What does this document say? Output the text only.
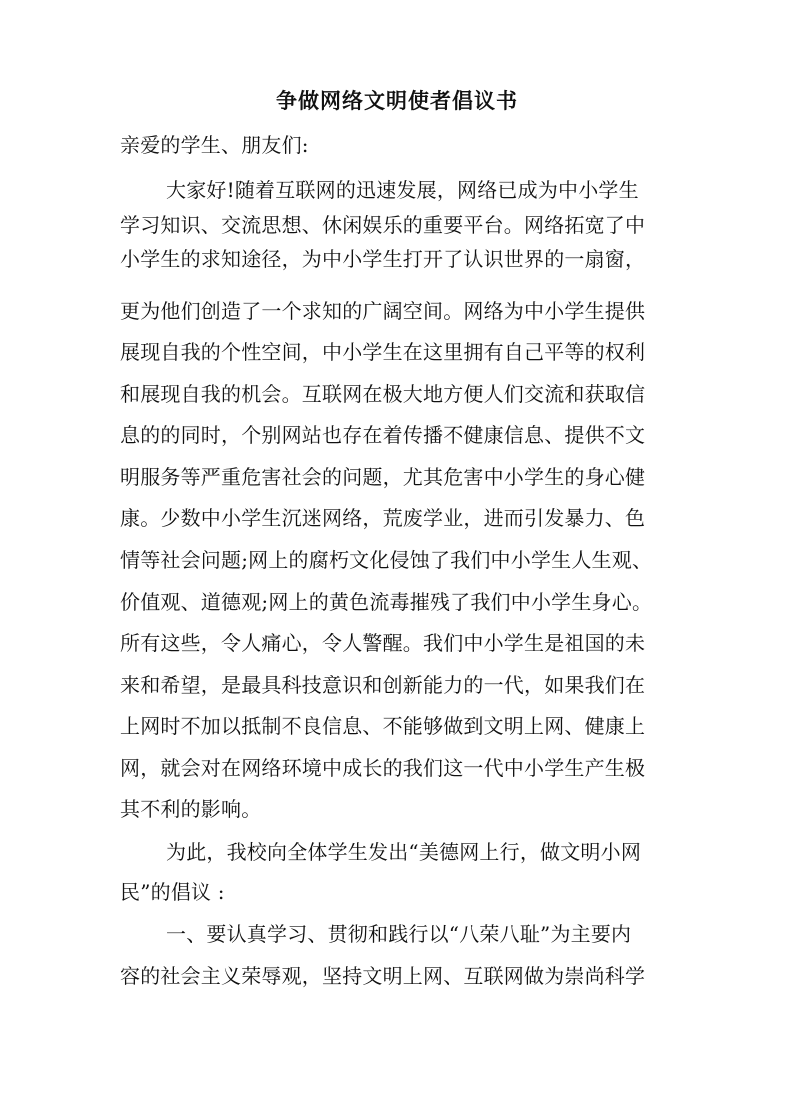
争做网络文明使者倡议书
亲爱的学生、朋友们:
大家好!随着互联网的迅速发展，网络已成为中小学生
学习知识、交流思想、休闲娱乐的重要平台。网络拓宽了中
小学生的求知途径，为中小学生打开了认识世界的一扇窗，
更为他们创造了一个求知的广阔空间。网络为中小学生提供
展现自我的个性空间，中小学生在这里拥有自己平等的权利
和展现自我的机会。互联网在极大地方便人们交流和获取信
息的的同时，个别网站也存在着传播不健康信息、提供不文
明服务等严重危害社会的问题，尤其危害中小学生的身心健
康。少数中小学生沉迷网络，荒废学业，进而引发暴力、色
情等社会问题;网上的腐朽文化侵蚀了我们中小学生人生观、
价值观、道德观;网上的黄色流毒摧残了我们中小学生身心。
所有这些，令人痛心，令人警醒。我们中小学生是祖国的未
来和希望，是最具科技意识和创新能力的一代，如果我们在
上网时不加以抵制不良信息、不能够做到文明上网、健康上
网，就会对在网络环境中成长的我们这一代中小学生产生极
其不利的影响。
为此，我校向全体学生发出“美德网上行，做文明小网
民”的倡议 :
一、要认真学习、贯彻和践行以“八荣八耻”为主要内
容的社会主义荣辱观，坚持文明上网、互联网做为崇尚科学
